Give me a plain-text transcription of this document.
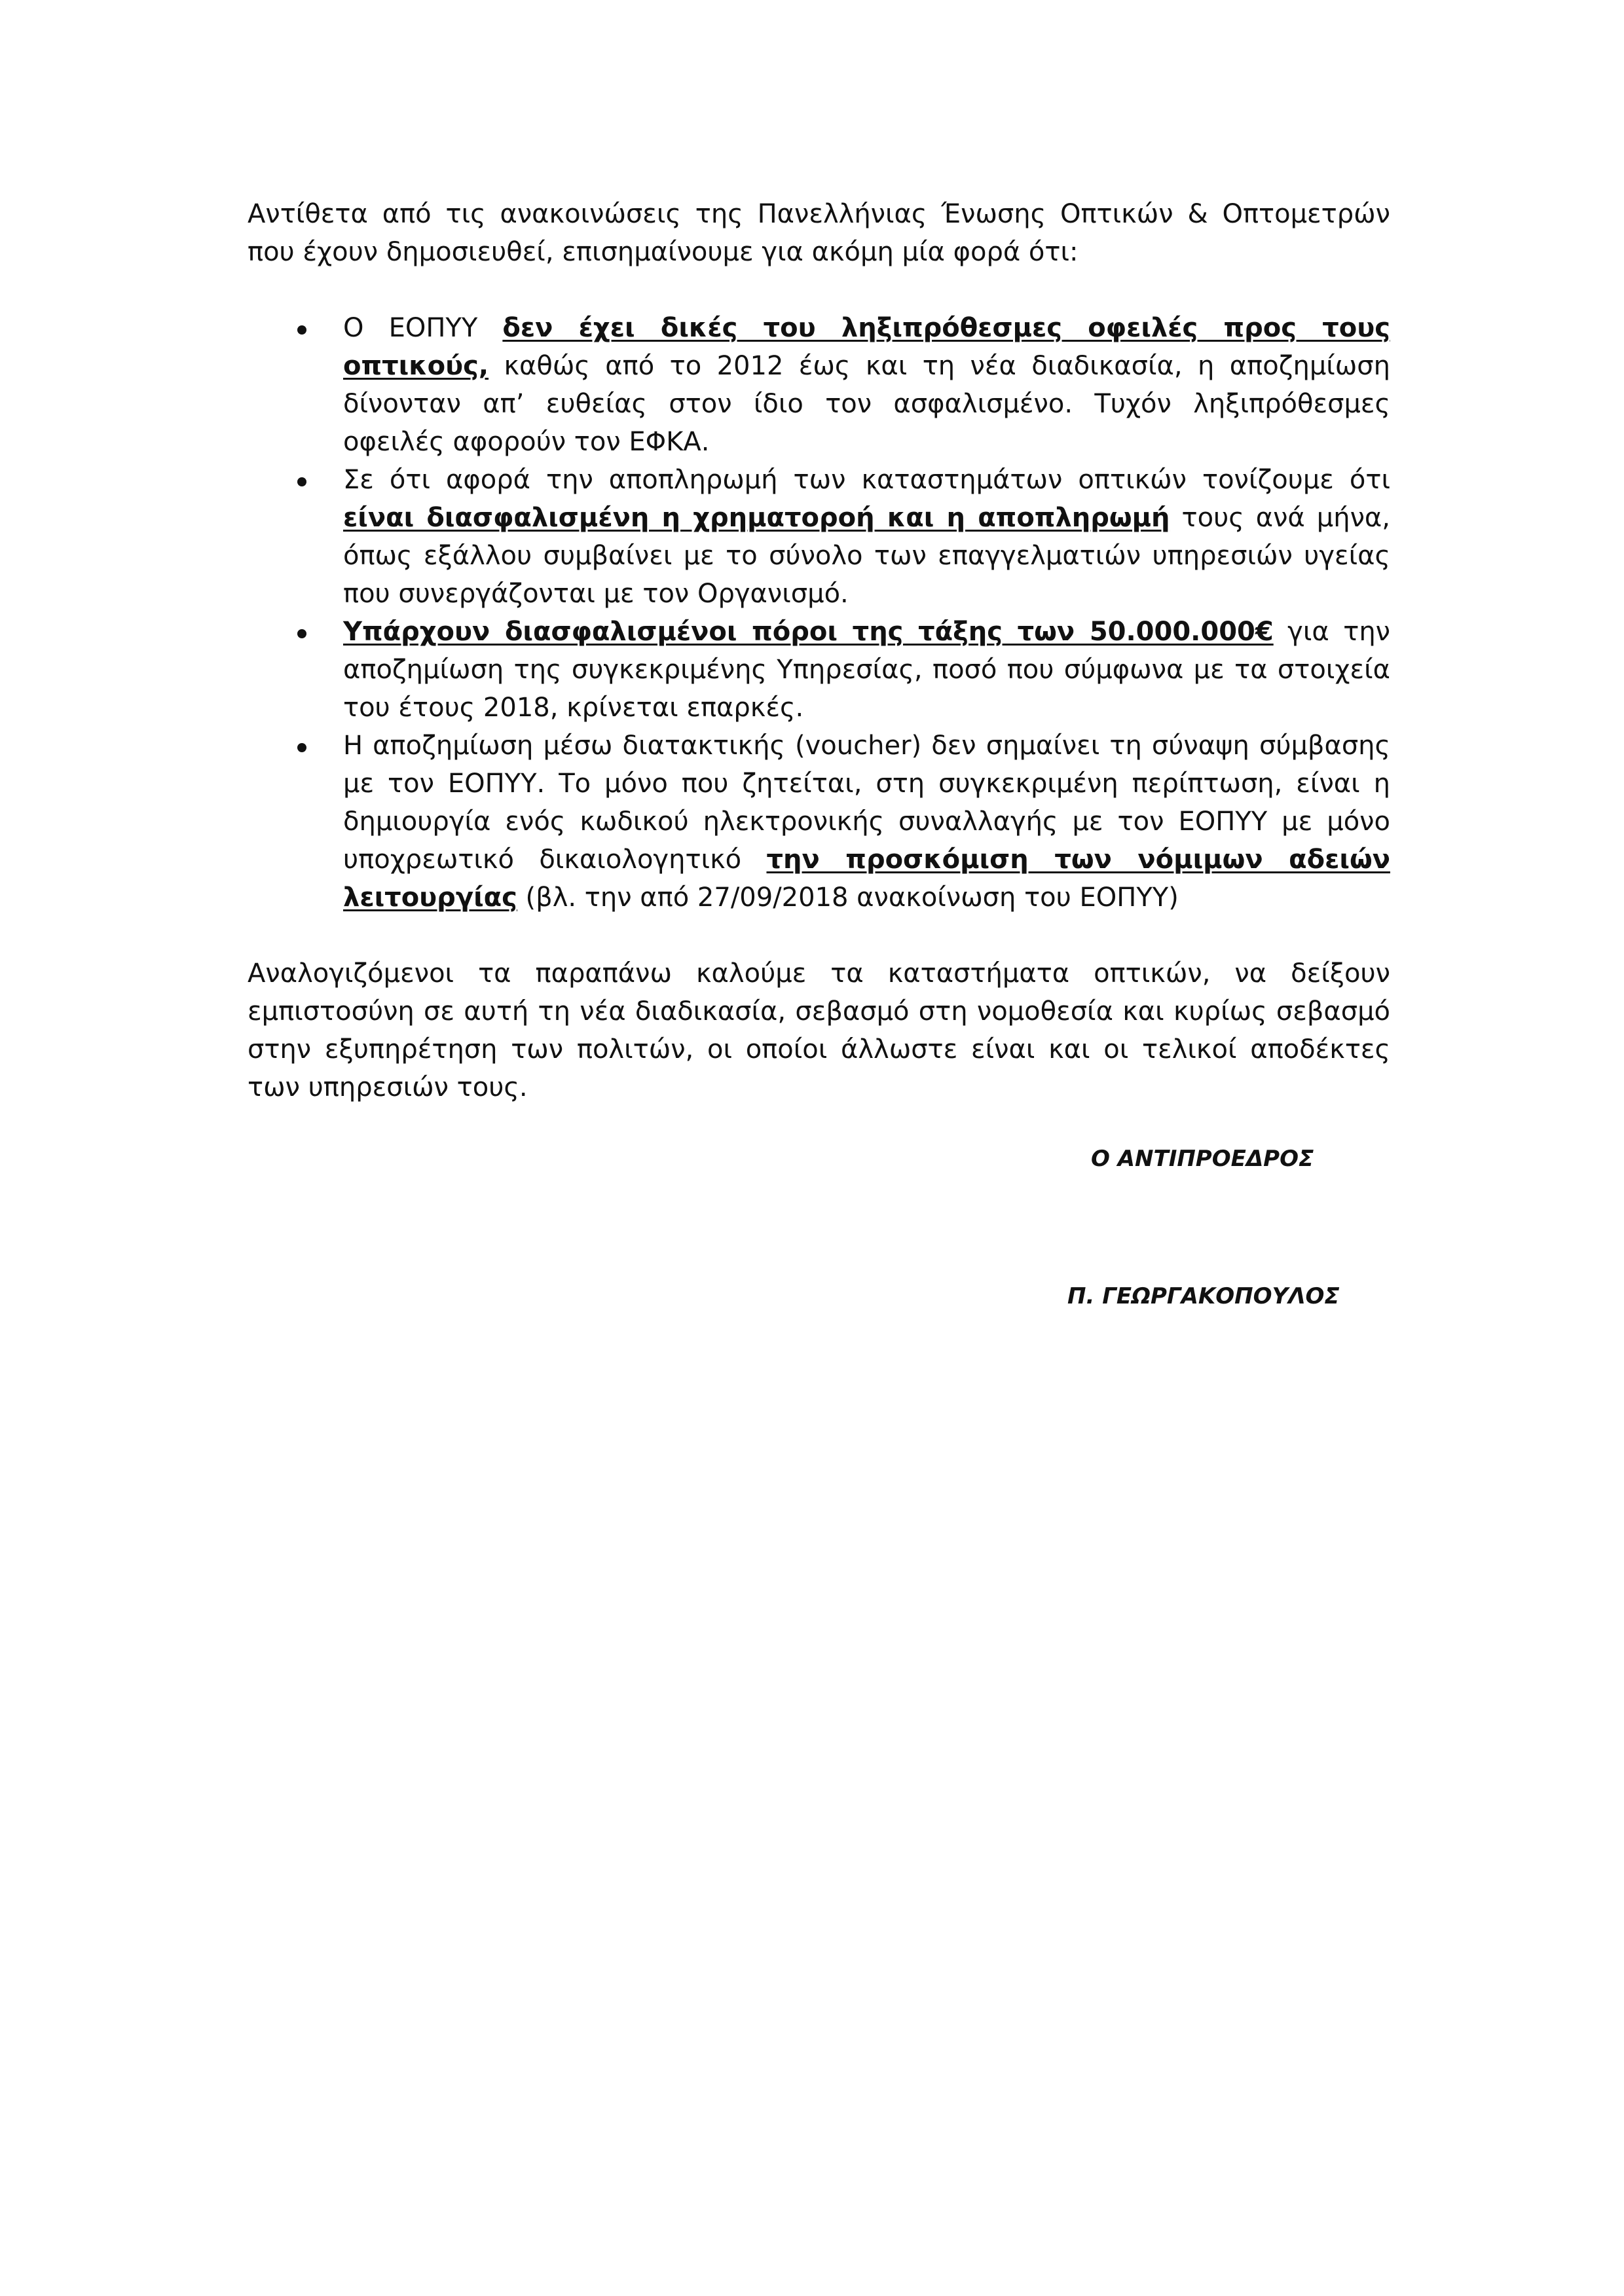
Αντίθετα από τις ανακοινώσεις της Πανελλήνιας Ένωσης Οπτικών & Οπτομετρών που έχουν δημοσιευθεί, επισημαίνουμε για ακόμη μία φορά ότι:

Ο ΕΟΠΥΥ δεν έχει δικές του ληξιπρόθεσμες οφειλές προς τους οπτικούς, καθώς από το 2012 έως και τη νέα διαδικασία, η αποζημίωση δίνονταν απ’ ευθείας στον ίδιο τον ασφαλισμένο. Τυχόν ληξιπρόθεσμες οφειλές αφορούν τον ΕΦΚΑ.
Σε ότι αφορά την αποπληρωμή των καταστημάτων οπτικών τονίζουμε ότι είναι διασφαλισμένη η χρηματοροή και η αποπληρωμή τους ανά μήνα, όπως εξάλλου συμβαίνει με το σύνολο των επαγγελματιών υπηρεσιών υγείας που συνεργάζονται με τον Οργανισμό.
Υπάρχουν διασφαλισμένοι πόροι της τάξης των 50.000.000€ για την αποζημίωση της συγκεκριμένης Υπηρεσίας, ποσό που σύμφωνα με τα στοιχεία του έτους 2018, κρίνεται επαρκές.
Η αποζημίωση μέσω διατακτικής (voucher) δεν σημαίνει τη σύναψη σύμβασης με τον ΕΟΠΥΥ. Το μόνο που ζητείται, στη συγκεκριμένη περίπτωση, είναι η δημιουργία ενός κωδικού ηλεκτρονικής συναλλαγής με τον ΕΟΠΥΥ με μόνο υποχρεωτικό δικαιολογητικό την προσκόμιση των νόμιμων αδειών λειτουργίας (βλ. την από 27/09/2018 ανακοίνωση του ΕΟΠΥΥ)

Αναλογιζόμενοι τα παραπάνω καλούμε τα καταστήματα οπτικών, να δείξουν εμπιστοσύνη σε αυτή τη νέα διαδικασία, σεβασμό στη νομοθεσία και κυρίως σεβασμό στην εξυπηρέτηση των πολιτών, οι οποίοι άλλωστε είναι και οι τελικοί αποδέκτες των υπηρεσιών τους.

Ο ΑΝΤΙΠΡΟΕΔΡΟΣ
Π. ΓΕΩΡΓΑΚΟΠΟΥΛΟΣ
